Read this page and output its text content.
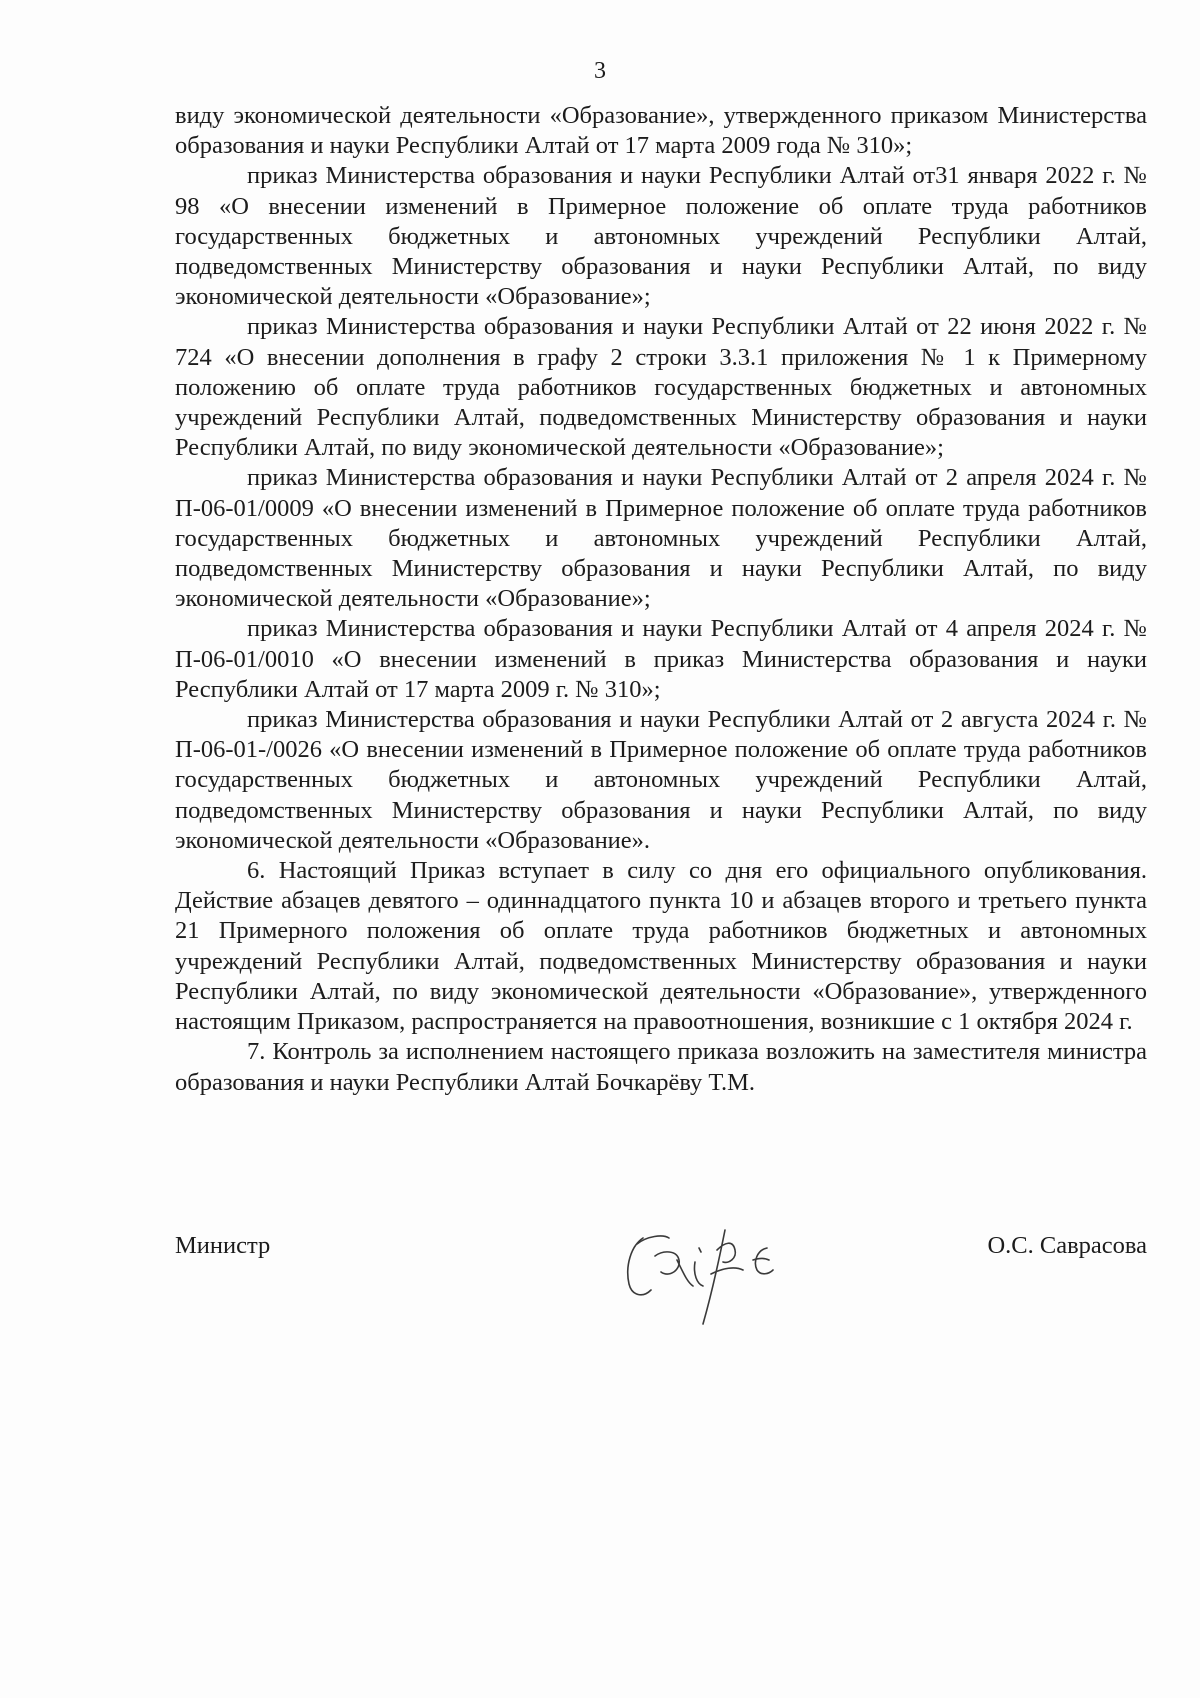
3

виду экономической деятельности «Образование», утвержденного приказом Министерства образования и науки Республики Алтай от 17 марта 2009 года № 310»;

приказ Министерства образования и науки Республики Алтай от31 января 2022 г. № 98 «О внесении изменений в Примерное положение об оплате труда работников государственных бюджетных и автономных учреждений Республики Алтай, подведомственных Министерству образования и науки Республики Алтай, по виду экономической деятельности «Образование»;

приказ Министерства образования и науки Республики Алтай от 22 июня 2022 г. № 724 «О внесении дополнения в графу 2 строки 3.3.1 приложения № 1 к Примерному положению об оплате труда работников государственных бюджетных и автономных учреждений Республики Алтай, подведомственных Министерству образования и науки Республики Алтай, по виду экономической деятельности «Образование»;

приказ Министерства образования и науки Республики Алтай от 2 апреля 2024 г. № П-06-01/0009 «О внесении изменений в Примерное положение об оплате труда работников государственных бюджетных и автономных учреждений Республики Алтай, подведомственных Министерству образования и науки Республики Алтай, по виду экономической деятельности «Образование»;

приказ Министерства образования и науки Республики Алтай от 4 апреля 2024 г. № П-06-01/0010 «О внесении изменений в приказ Министерства образования и науки Республики Алтай от 17 марта 2009 г. № 310»;

приказ Министерства образования и науки Республики Алтай от 2 августа 2024 г. № П-06-01-/0026 «О внесении изменений в Примерное положение об оплате труда работников государственных бюджетных и автономных учреждений Республики Алтай, подведомственных Министерству образования и науки Республики Алтай, по виду экономической деятельности «Образование».

6. Настоящий Приказ вступает в силу со дня его официального опубликования. Действие абзацев девятого – одиннадцатого пункта 10 и абзацев второго и третьего пункта 21 Примерного положения об оплате труда работников бюджетных и автономных учреждений Республики Алтай, подведомственных Министерству образования и науки Республики Алтай, по виду экономической деятельности «Образование», утвержденного настоящим Приказом, распространяется на правоотношения, возникшие с 1 октября 2024 г.

7. Контроль за исполнением настоящего приказа возложить на заместителя министра образования и науки Республики Алтай Бочкарёву Т.М.

Министр	О.С. Саврасова
